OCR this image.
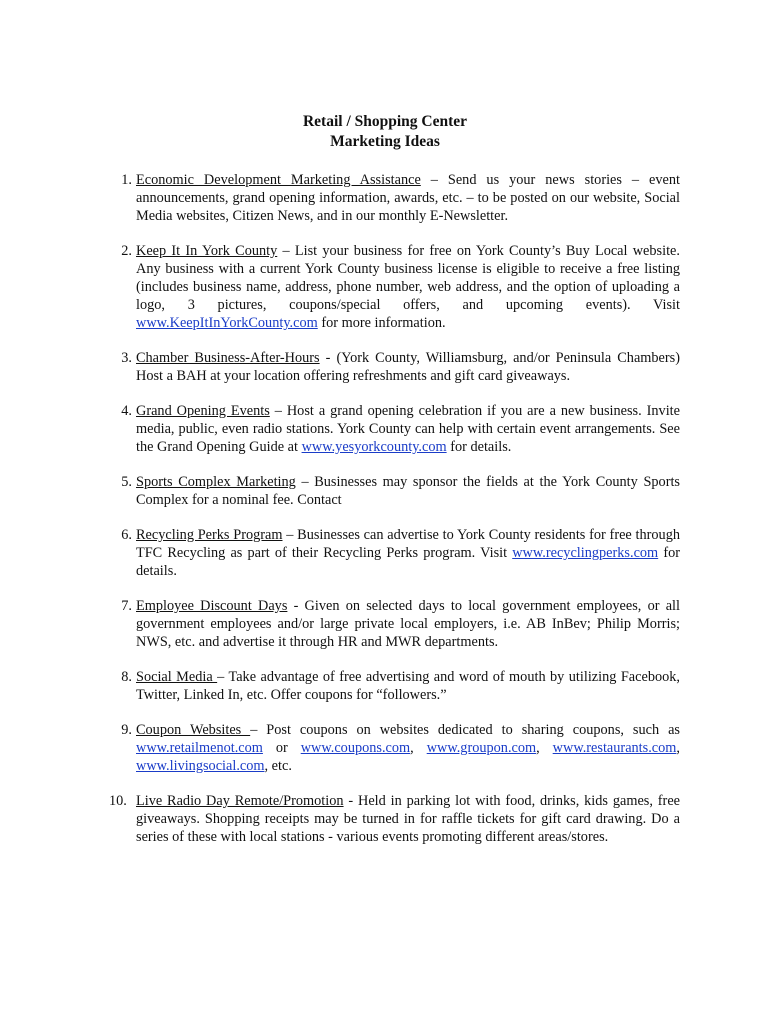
Retail / Shopping Center
Marketing Ideas
1. Economic Development Marketing Assistance – Send us your news stories – event announcements, grand opening information, awards, etc. – to be posted on our website, Social Media websites, Citizen News, and in our monthly E-Newsletter.
2. Keep It In York County – List your business for free on York County’s Buy Local website. Any business with a current York County business license is eligible to receive a free listing (includes business name, address, phone number, web address, and the option of uploading a logo, 3 pictures, coupons/special offers, and upcoming events). Visit www.KeepItInYorkCounty.com for more information.
3. Chamber Business-After-Hours - (York County, Williamsburg, and/or Peninsula Chambers) Host a BAH at your location offering refreshments and gift card giveaways.
4. Grand Opening Events – Host a grand opening celebration if you are a new business. Invite media, public, even radio stations. York County can help with certain event arrangements. See the Grand Opening Guide at www.yesyorkcounty.com for details.
5. Sports Complex Marketing – Businesses may sponsor the fields at the York County Sports Complex for a nominal fee. Contact
6. Recycling Perks Program – Businesses can advertise to York County residents for free through TFC Recycling as part of their Recycling Perks program. Visit www.recyclingperks.com for details.
7. Employee Discount Days - Given on selected days to local government employees, or all government employees and/or large private local employers, i.e. AB InBev; Philip Morris; NWS, etc. and advertise it through HR and MWR departments.
8. Social Media – Take advantage of free advertising and word of mouth by utilizing Facebook, Twitter, Linked In, etc. Offer coupons for “followers.”
9. Coupon Websites – Post coupons on websites dedicated to sharing coupons, such as www.retailmenot.com or www.coupons.com, www.groupon.com, www.restaurants.com, www.livingsocial.com, etc.
10. Live Radio Day Remote/Promotion - Held in parking lot with food, drinks, kids games, free giveaways. Shopping receipts may be turned in for raffle tickets for gift card drawing. Do a series of these with local stations - various events promoting different areas/stores.
